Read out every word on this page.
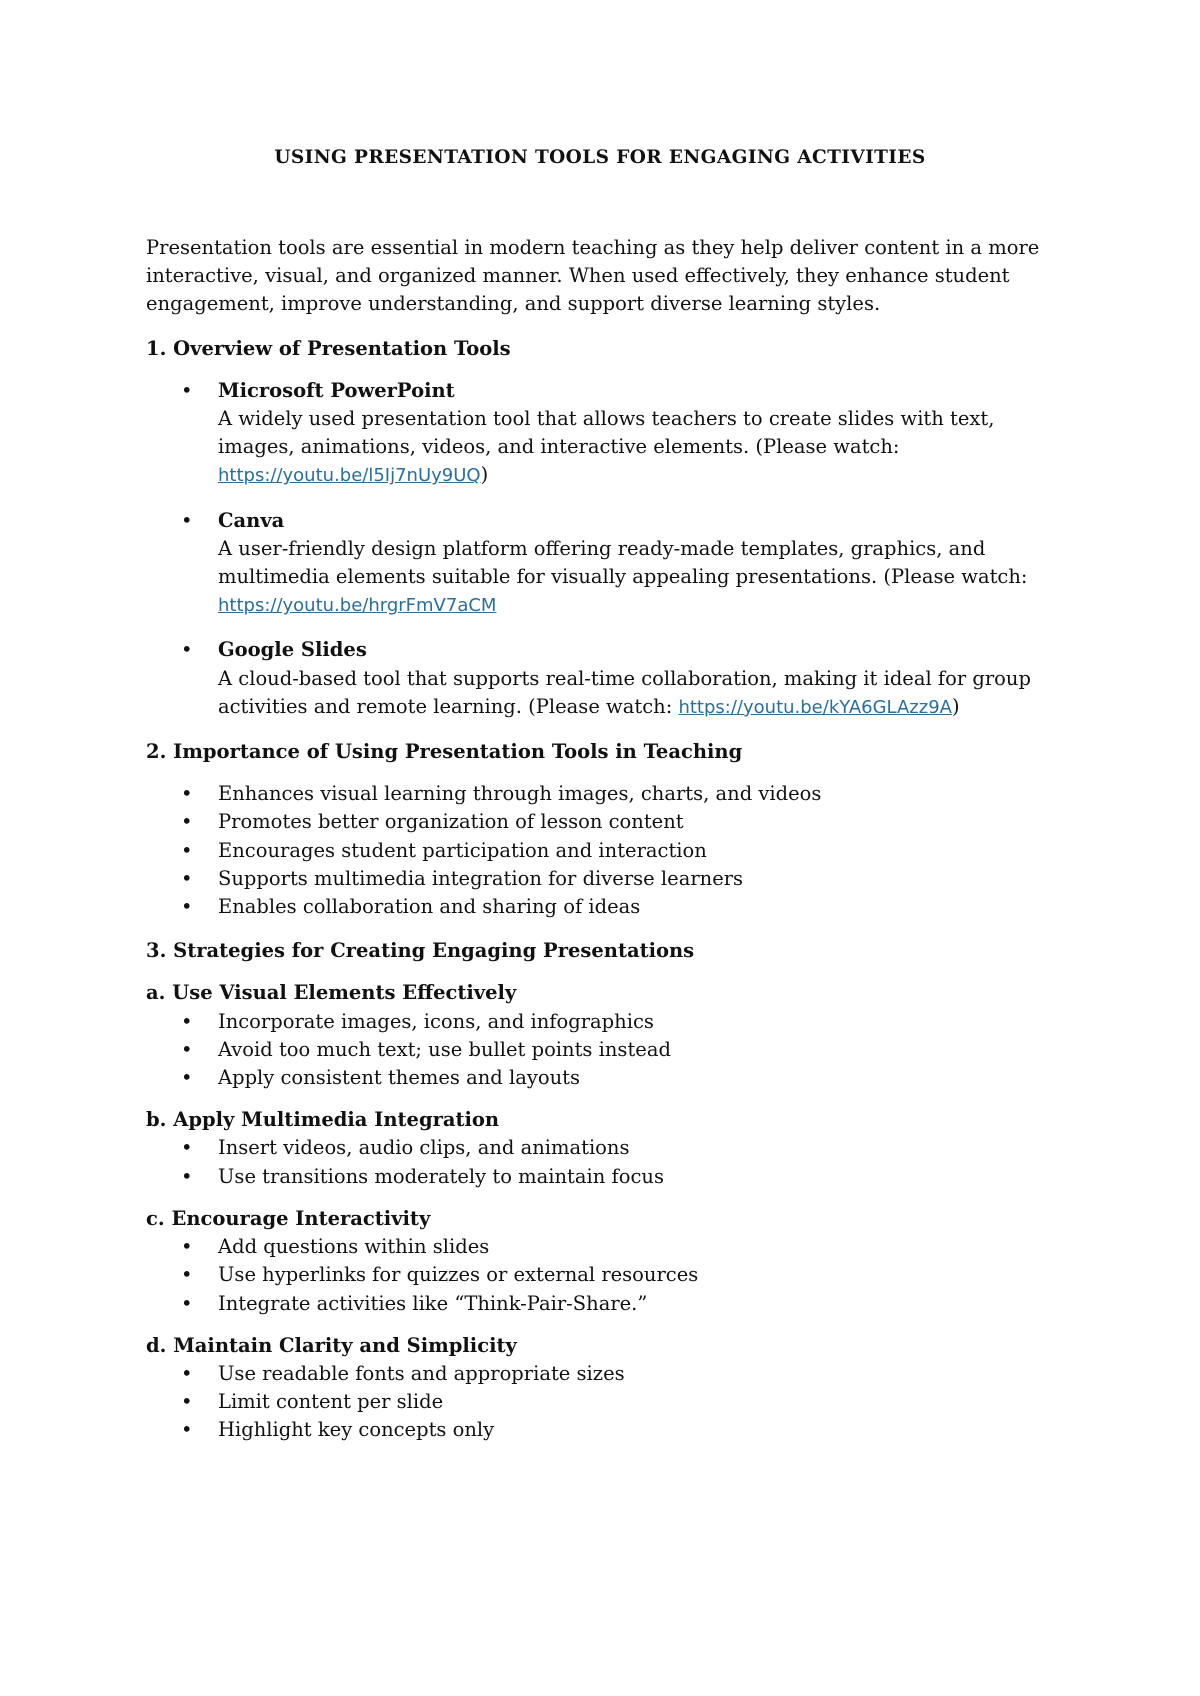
USING PRESENTATION TOOLS FOR ENGAGING ACTIVITIES

Presentation tools are essential in modern teaching as they help deliver content in a more interactive, visual, and organized manner. When used effectively, they enhance student engagement, improve understanding, and support diverse learning styles.

1. Overview of Presentation Tools

• Microsoft PowerPoint
A widely used presentation tool that allows teachers to create slides with text, images, animations, videos, and interactive elements. (Please watch: https://youtu.be/l5Ij7nUy9UQ)
• Canva
A user-friendly design platform offering ready-made templates, graphics, and multimedia elements suitable for visually appealing presentations. (Please watch: https://youtu.be/hrgrFmV7aCM
• Google Slides
A cloud-based tool that supports real-time collaboration, making it ideal for group activities and remote learning. (Please watch: https://youtu.be/kYA6GLAzz9A)

2. Importance of Using Presentation Tools in Teaching

• Enhances visual learning through images, charts, and videos
• Promotes better organization of lesson content
• Encourages student participation and interaction
• Supports multimedia integration for diverse learners
• Enables collaboration and sharing of ideas

3. Strategies for Creating Engaging Presentations

a. Use Visual Elements Effectively

• Incorporate images, icons, and infographics
• Avoid too much text; use bullet points instead
• Apply consistent themes and layouts

b. Apply Multimedia Integration

• Insert videos, audio clips, and animations
• Use transitions moderately to maintain focus

c. Encourage Interactivity

• Add questions within slides
• Use hyperlinks for quizzes or external resources
• Integrate activities like “Think-Pair-Share.”

d. Maintain Clarity and Simplicity

• Use readable fonts and appropriate sizes
• Limit content per slide
• Highlight key concepts only
